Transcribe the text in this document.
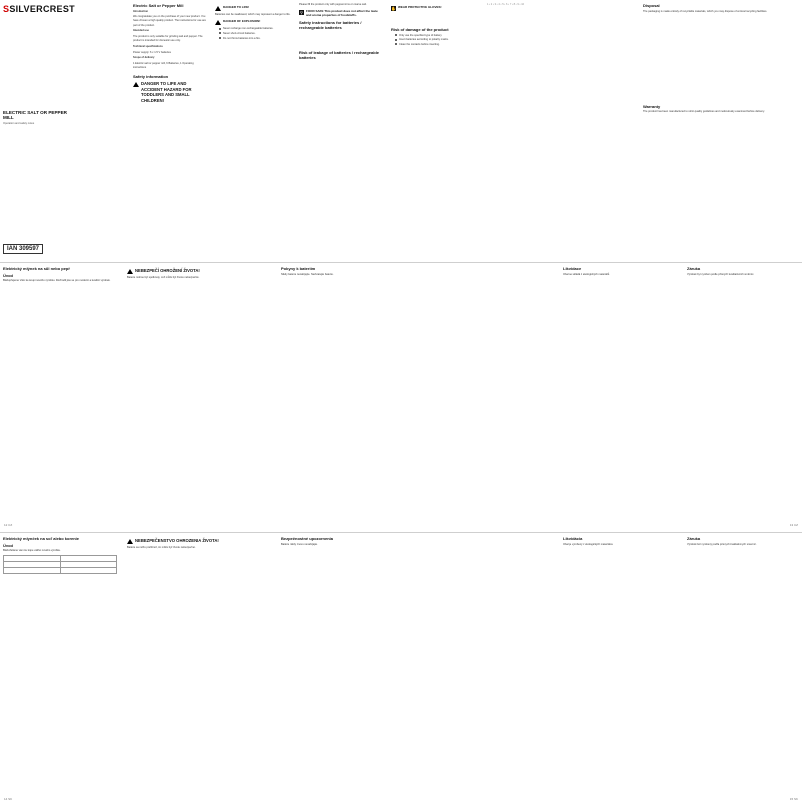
SSILVERCREST
ELECTRIC SALT OR PEPPER MILL
Operation and safety notes
IAN 309597
Electric Salt or Pepper Mill
Introduction
We congratulate you on the purchase of your new product. You have chosen a high quality product. The instructions for use are part of the product.
Intended use
The product is only suitable for grinding salt and pepper. The product is intended for domestic use only.
Technical specifications
Power supply: 6 x 1.5 V batteries
Scope of delivery
1 Electric salt or pepper mill, 6 Batteries, 1 Operating instructions
Safety information
DANGER TO LIFE AND ACCIDENT HAZARD FOR TODDLERS AND SMALL CHILDREN!
DANGER TO LIFE!
Batteries can be swallowed, which may represent a danger to life.
DANGER OF EXPLOSION!
Never recharge non-rechargeable batteries.
Never short-circuit batteries.
Do not throw batteries into a fire.
Please fill the product only with peppercorns or coarse salt.
⚲	FOOD SAFE This product does not affect the taste and aroma properties of foodstuffs.
Safety instructions for batteries / rechargeable batteries
Risk of leakage of batteries / rechargeable batteries
✋ WEAR PROTECTIVE GLOVES!
Risk of damage of the product
Only use the specified type of battery.
Insert batteries according to polarity marks.
Clean the contacts before inserting.
1 ▪ 2 ▪ 3 ▪ 4 ▪ 5 ▪ 6 ▪ 7 ▪ 8 ▪ 9 ▪ 10	Disposal
The packaging is made entirely of recyclable materials, which you may dispose of at local recycling facilities.
Warranty
The product has been manufactured to strict quality guidelines and meticulously examined before delivery.
Elektrický mlýnek na sůl nebo pepř
Úvod
Blahopřejeme Vám ke koupi nového výrobku. Rozhodli jste se pro moderní a kvalitní výrobek.
NEBEZPEČÍ OHROŽENÍ ŽIVOTA!
Baterie mohou být spolknuty, což může být životu nebezpečné.
Pokyny k bateriím
Nikdy baterie nenabíjejte. Nezkratujte baterie.
Likvidace
Obal se skládá z ekologických materiálů.
Záruka
Výrobek byl vyroben podle přísných kvalitativních směrnic.
12 CZ	13 CZ
Elektrický mlynček na soľ alebo korenie
Úvod
Blahoželáme vám ku kúpe vášho nového výrobku.

NEBEZPEČENSTVO OHROZENIA ŽIVOTA!
Batérie sa môžu prehltnúť, čo môže byť životu nebezpečné.
Bezpečnostné upozornenia
Batérie nikdy znovu nenabíjajte.
Likvidácia
Obal je vyrobený z ekologických materiálov.
Záruka
Výrobok bol vyrobený podľa prísnych kvalitatívnych smerníc.
14 SK	15 SK
